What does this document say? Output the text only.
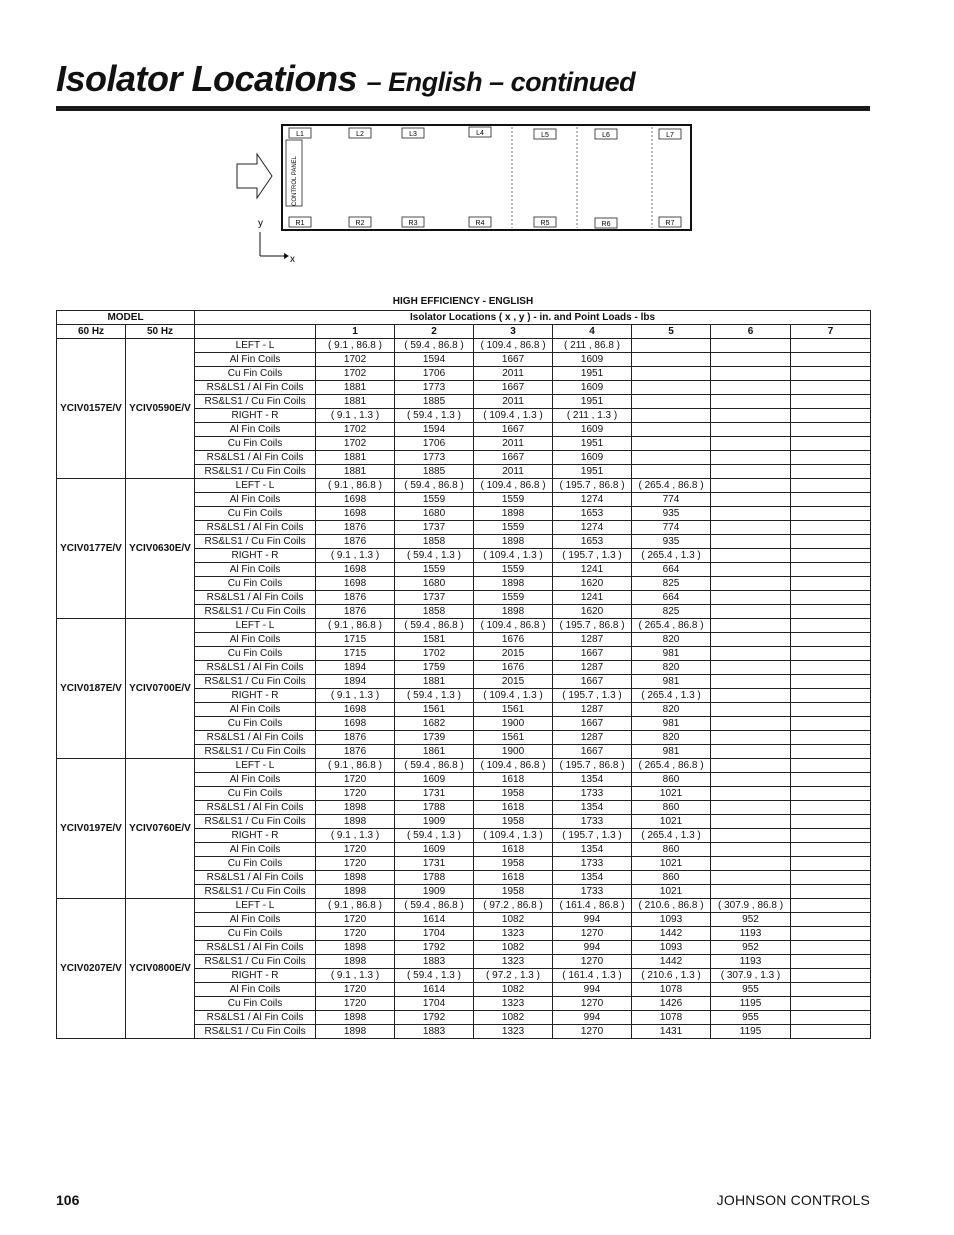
Isolator Locations – English – continued
CONTROL PANEL
L1	L2	L3	L4	L5	L6	L7
R1	R2	R3	R4	R5	R6	R7
y
x
HIGH EFFICIENCY - ENGLISH
MODEL		Isolator Locations ( x , y ) - in. and Point Loads - lbs							
60 Hz	50 Hz		1	2	3	4	5	6	7
YCIV0157E/V	YCIV0590E/V	LEFT - L	( 9.1 , 86.8 )	( 59.4 , 86.8 )	( 109.4 , 86.8 )	( 211 , 86.8 )			
		Al Fin Coils	1702	1594	1667	1609			
		Cu Fin Coils	1702	1706	2011	1951			
		RS&LS1 / Al Fin Coils	1881	1773	1667	1609			
		RS&LS1 / Cu Fin Coils	1881	1885	2011	1951			
		RIGHT - R	( 9.1 , 1.3 )	( 59.4 , 1.3 )	( 109.4 , 1.3 )	( 211 , 1.3 )			
		Al Fin Coils	1702	1594	1667	1609			
		Cu Fin Coils	1702	1706	2011	1951			
		RS&LS1 / Al Fin Coils	1881	1773	1667	1609			
		RS&LS1 / Cu Fin Coils	1881	1885	2011	1951			
YCIV0177E/V	YCIV0630E/V	LEFT - L	( 9.1 , 86.8 )	( 59.4 , 86.8 )	( 109.4 , 86.8 )	( 195.7 , 86.8 )	( 265.4 , 86.8 )		
		Al Fin Coils	1698	1559	1559	1274	774		
		Cu Fin Coils	1698	1680	1898	1653	935		
		RS&LS1 / Al Fin Coils	1876	1737	1559	1274	774		
		RS&LS1 / Cu Fin Coils	1876	1858	1898	1653	935		
		RIGHT - R	( 9.1 , 1.3 )	( 59.4 , 1.3 )	( 109.4 , 1.3 )	( 195.7 , 1.3 )	( 265.4 , 1.3 )		
		Al Fin Coils	1698	1559	1559	1241	664		
		Cu Fin Coils	1698	1680	1898	1620	825		
		RS&LS1 / Al Fin Coils	1876	1737	1559	1241	664		
		RS&LS1 / Cu Fin Coils	1876	1858	1898	1620	825		
YCIV0187E/V	YCIV0700E/V	LEFT - L	( 9.1 , 86.8 )	( 59.4 , 86.8 )	( 109.4 , 86.8 )	( 195.7 , 86.8 )	( 265.4 , 86.8 )		
		Al Fin Coils	1715	1581	1676	1287	820		
		Cu Fin Coils	1715	1702	2015	1667	981		
		RS&LS1 / Al Fin Coils	1894	1759	1676	1287	820		
		RS&LS1 / Cu Fin Coils	1894	1881	2015	1667	981		
		RIGHT - R	( 9.1 , 1.3 )	( 59.4 , 1.3 )	( 109.4 , 1.3 )	( 195.7 , 1.3 )	( 265.4 , 1.3 )		
		Al Fin Coils	1698	1561	1561	1287	820		
		Cu Fin Coils	1698	1682	1900	1667	981		
		RS&LS1 / Al Fin Coils	1876	1739	1561	1287	820		
		RS&LS1 / Cu Fin Coils	1876	1861	1900	1667	981		
YCIV0197E/V	YCIV0760E/V	LEFT - L	( 9.1 , 86.8 )	( 59.4 , 86.8 )	( 109.4 , 86.8 )	( 195.7 , 86.8 )	( 265.4 , 86.8 )		
		Al Fin Coils	1720	1609	1618	1354	860		
		Cu Fin Coils	1720	1731	1958	1733	1021		
		RS&LS1 / Al Fin Coils	1898	1788	1618	1354	860		
		RS&LS1 / Cu Fin Coils	1898	1909	1958	1733	1021		
		RIGHT - R	( 9.1 , 1.3 )	( 59.4 , 1.3 )	( 109.4 , 1.3 )	( 195.7 , 1.3 )	( 265.4 , 1.3 )		
		Al Fin Coils	1720	1609	1618	1354	860		
		Cu Fin Coils	1720	1731	1958	1733	1021		
		RS&LS1 / Al Fin Coils	1898	1788	1618	1354	860		
		RS&LS1 / Cu Fin Coils	1898	1909	1958	1733	1021		
YCIV0207E/V	YCIV0800E/V	LEFT - L	( 9.1 , 86.8 )	( 59.4 , 86.8 )	( 97.2 , 86.8 )	( 161.4 , 86.8 )	( 210.6 , 86.8 )	( 307.9 , 86.8 )	
		Al Fin Coils	1720	1614	1082	994	1093	952	
		Cu Fin Coils	1720	1704	1323	1270	1442	1193	
		RS&LS1 / Al Fin Coils	1898	1792	1082	994	1093	952	
		RS&LS1 / Cu Fin Coils	1898	1883	1323	1270	1442	1193	
		RIGHT - R	( 9.1 , 1.3 )	( 59.4 , 1.3 )	( 97.2 , 1.3 )	( 161.4 , 1.3 )	( 210.6 , 1.3 )	( 307.9 , 1.3 )	
		Al Fin Coils	1720	1614	1082	994	1078	955	
		Cu Fin Coils	1720	1704	1323	1270	1426	1195	
		RS&LS1 / Al Fin Coils	1898	1792	1082	994	1078	955	
		RS&LS1 / Cu Fin Coils	1898	1883	1323	1270	1431	1195	
106	JOHNSON CONTROLS
